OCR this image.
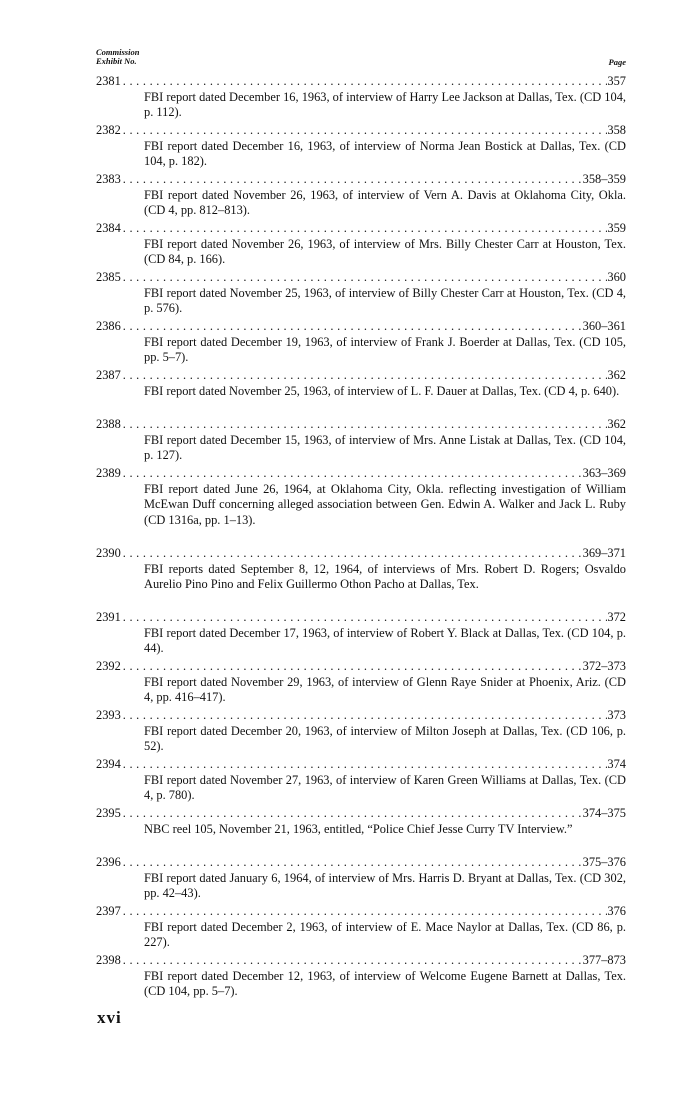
Commission
Exhibit No.	Page
2381 .....	357
FBI report dated December 16, 1963, of interview of Harry Lee Jackson at Dallas, Tex. (CD 104, p. 112).
2382 .....	358
FBI report dated December 16, 1963, of interview of Norma Jean Bostick at Dallas, Tex. (CD 104, p. 182).
2383 .....	358–359
FBI report dated November 26, 1963, of interview of Vern A. Davis at Oklahoma City, Okla. (CD 4, pp. 812–813).
2384 .....	359
FBI report dated November 26, 1963, of interview of Mrs. Billy Chester Carr at Houston, Tex. (CD 84, p. 166).
2385 .....	360
FBI report dated November 25, 1963, of interview of Billy Chester Carr at Houston, Tex. (CD 4, p. 576).
2386 .....	360–361
FBI report dated December 19, 1963, of interview of Frank J. Boerder at Dallas, Tex. (CD 105, pp. 5–7).
2387 .....	362
FBI report dated November 25, 1963, of interview of L. F. Dauer at Dallas, Tex. (CD 4, p. 640).
2388 .....	362
FBI report dated December 15, 1963, of interview of Mrs. Anne Listak at Dallas, Tex. (CD 104, p. 127).
2389 .....	363–369
FBI report dated June 26, 1964, at Oklahoma City, Okla. reflecting investigation of William McEwan Duff concerning alleged association between Gen. Edwin A. Walker and Jack L. Ruby (CD 1316a, pp. 1–13).
2390 .....	369–371
FBI reports dated September 8, 12, 1964, of interviews of Mrs. Robert D. Rogers; Osvaldo Aurelio Pino Pino and Felix Guillermo Othon Pacho at Dallas, Tex.
2391 .....	372
FBI report dated December 17, 1963, of interview of Robert Y. Black at Dallas, Tex. (CD 104, p. 44).
2392 .....	372–373
FBI report dated November 29, 1963, of interview of Glenn Raye Snider at Phoenix, Ariz. (CD 4, pp. 416–417).
2393 .....	373
FBI report dated December 20, 1963, of interview of Milton Joseph at Dallas, Tex. (CD 106, p. 52).
2394 .....	374
FBI report dated November 27, 1963, of interview of Karen Green Williams at Dallas, Tex. (CD 4, p. 780).
2395 .....	374–375
NBC reel 105, November 21, 1963, entitled, “Police Chief Jesse Curry TV Interview.”
2396 .....	375–376
FBI report dated January 6, 1964, of interview of Mrs. Harris D. Bryant at Dallas, Tex. (CD 302, pp. 42–43).
2397 .....	376
FBI report dated December 2, 1963, of interview of E. Mace Naylor at Dallas, Tex. (CD 86, p. 227).
2398 .....	377–873
FBI report dated December 12, 1963, of interview of Welcome Eugene Barnett at Dallas, Tex. (CD 104, pp. 5–7).
xvi
